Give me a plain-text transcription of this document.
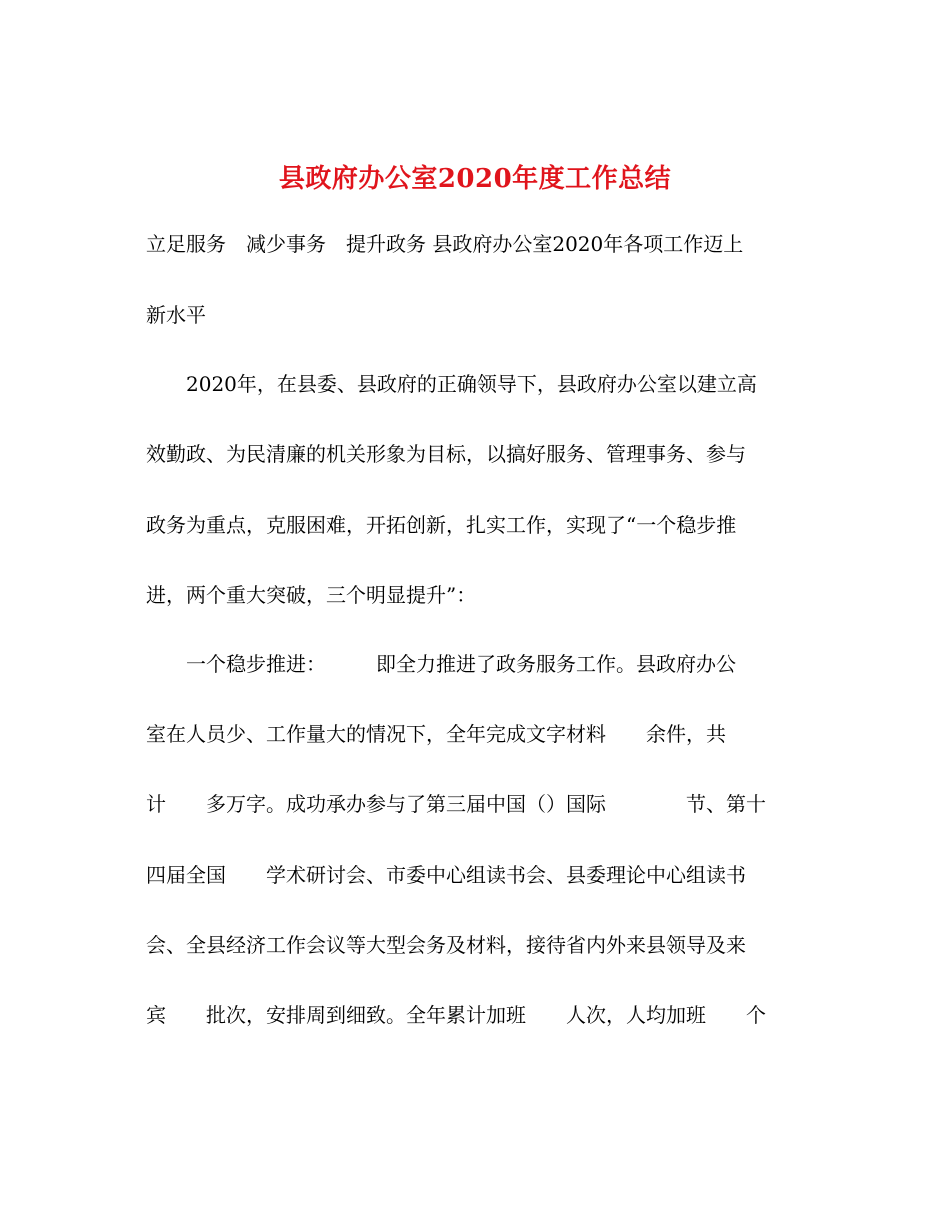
县政府办公室2020年度工作总结

立足服务　减少事务　提升政务 县政府办公室2020年各项工作迈上

新水平

2020年，在县委、县政府的正确领导下，县政府办公室以建立高

效勤政、为民清廉的机关形象为目标，以搞好服务、管理事务、参与

政务为重点，克服困难，开拓创新，扎实工作，实现了“一个稳步推

进，两个重大突破，三个明显提升”：

一个稳步推进：　　　即全力推进了政务服务工作。县政府办公

室在人员少、工作量大的情况下，全年完成文字材料　　余件，共

计　　多万字。成功承办参与了第三届中国（）国际　　　　节、第十

四届全国　　学术研讨会、市委中心组读书会、县委理论中心组读书

会、全县经济工作会议等大型会务及材料，接待省内外来县领导及来

宾　　批次，安排周到细致。全年累计加班　　人次，人均加班　　个
